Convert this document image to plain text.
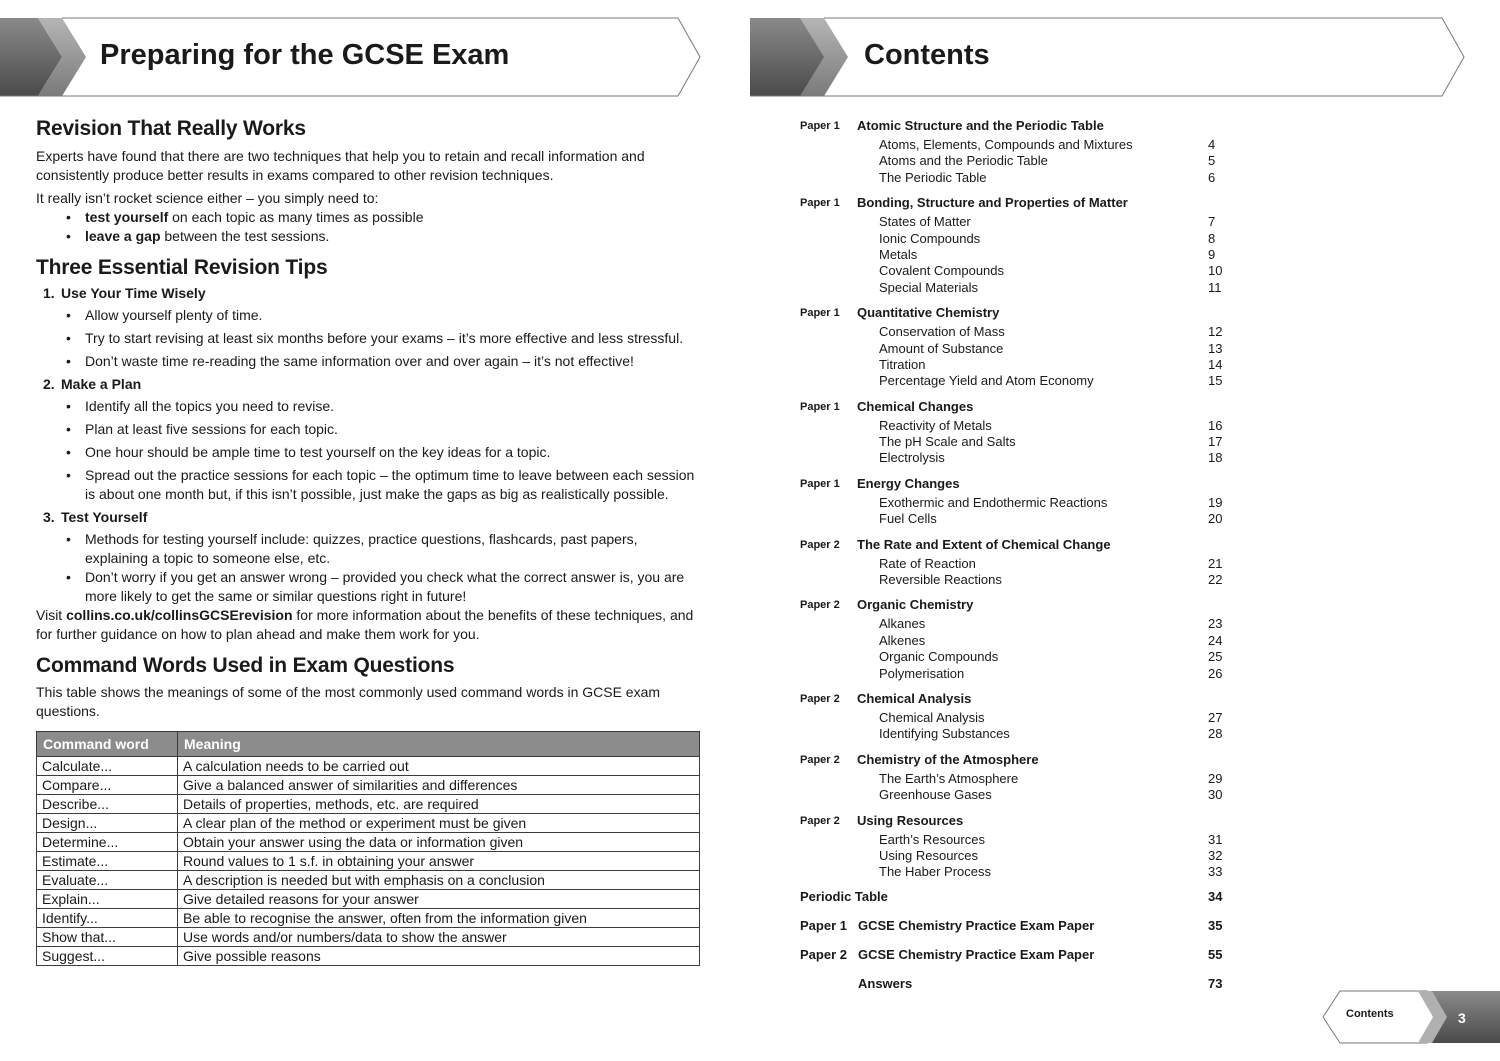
Preparing for the GCSE Exam	Contents
Revision That Really Works

Experts have found that there are two techniques that help you to retain and recall information and consistently produce better results in exams compared to other revision techniques.

It really isn’t rocket science either – you simply need to:

• test yourself on each topic as many times as possible
• leave a gap between the test sessions.
Three Essential Revision Tips
1. Use Your Time Wisely
• Allow yourself plenty of time.
• Try to start revising at least six months before your exams – it’s more effective and less stressful.
• Don’t waste time re-reading the same information over and over again – it’s not effective!
2. Make a Plan
• Identify all the topics you need to revise.
• Plan at least five sessions for each topic.
• One hour should be ample time to test yourself on the key ideas for a topic.
• Spread out the practice sessions for each topic – the optimum time to leave between each session is about one month but, if this isn’t possible, just make the gaps as big as realistically possible.
3. Test Yourself
• Methods for testing yourself include: quizzes, practice questions, flashcards, past papers, explaining a topic to someone else, etc.
• Don’t worry if you get an answer wrong – provided you check what the correct answer is, you are more likely to get the same or similar questions right in future!

Visit collins.co.uk/collinsGCSErevision for more information about the benefits of these techniques, and for further guidance on how to plan ahead and make them work for you.

Command Words Used in Exam Questions

This table shows the meanings of some of the most commonly used command words in GCSE exam questions.

Command word	Meaning
Calculate...	A calculation needs to be carried out
Compare...	Give a balanced answer of similarities and differences
Describe...	Details of properties, methods, etc. are required
Design...	A clear plan of the method or experiment must be given
Determine...	Obtain your answer using the data or information given
Estimate...	Round values to 1 s.f. in obtaining your answer
Evaluate...	A description is needed but with emphasis on a conclusion
Explain...	Give detailed reasons for your answer
Identify...	Be able to recognise the answer, often from the information given
Show that...	Use words and/or numbers/data to show the answer
Suggest...	Give possible reasons
Paper 1 Atomic Structure and the Periodic Table
Atoms, Elements, Compounds and Mixtures	4
Atoms and the Periodic Table	5
The Periodic Table	6
Paper 1 Bonding, Structure and Properties of Matter
States of Matter	7
Ionic Compounds	8
Metals	9
Covalent Compounds	10
Special Materials	11
Paper 1 Quantitative Chemistry
Conservation of Mass	12
Amount of Substance	13
Titration	14
Percentage Yield and Atom Economy	15
Paper 1 Chemical Changes
Reactivity of Metals	16
The pH Scale and Salts	17
Electrolysis	18
Paper 1 Energy Changes
Exothermic and Endothermic Reactions	19
Fuel Cells	20
Paper 2 The Rate and Extent of Chemical Change
Rate of Reaction	21
Reversible Reactions	22
Paper 2 Organic Chemistry
Alkanes	23
Alkenes	24
Organic Compounds	25
Polymerisation	26
Paper 2 Chemical Analysis
Chemical Analysis	27
Identifying Substances	28
Paper 2 Chemistry of the Atmosphere
The Earth’s Atmosphere	29
Greenhouse Gases	30
Paper 2 Using Resources
Earth’s Resources	31
Using Resources	32
The Haber Process	33
Periodic Table	34
Paper 1 GCSE Chemistry Practice Exam Paper	35
Paper 2 GCSE Chemistry Practice Exam Paper	55
Answers	73
Contents	3
